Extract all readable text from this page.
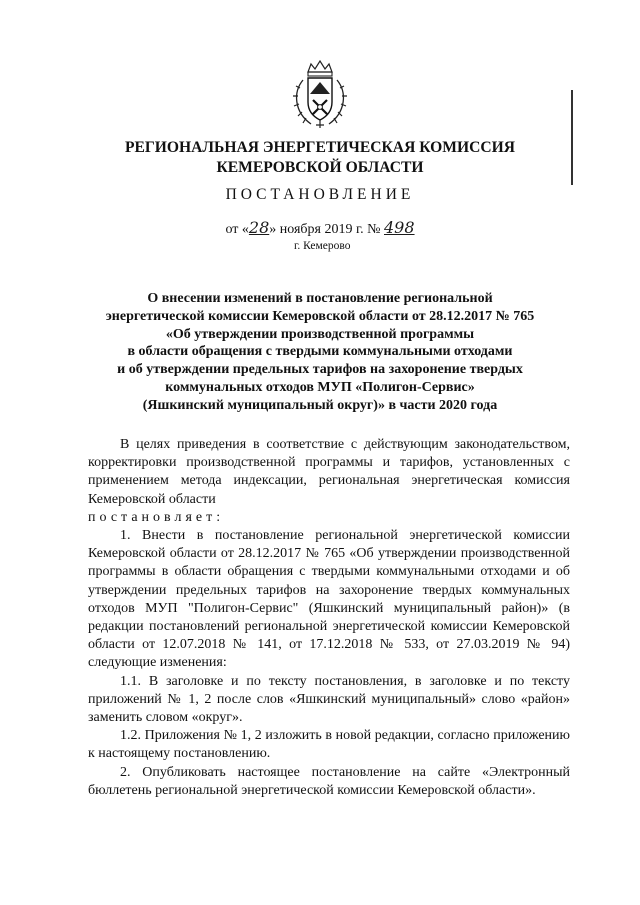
РЕГИОНАЛЬНАЯ ЭНЕРГЕТИЧЕСКАЯ КОМИССИЯ
КЕМЕРОВСКОЙ ОБЛАСТИ
ПОСТАНОВЛЕНИЕ
от «28» ноября 2019 г. № 498
г. Кемерово
О внесении изменений в постановление региональной
энергетической комиссии Кемеровской области от 28.12.2017 № 765
«Об утверждении производственной программы
в области обращения с твердыми коммунальными отходами
и об утверждении предельных тарифов на захоронение твердых
коммунальных отходов МУП «Полигон-Сервис»
(Яшкинский муниципальный округ)» в части 2020 года

В целях приведения в соответствие с действующим законодательством, корректировки производственной программы и тарифов, установленных с применением метода индексации, региональная энергетическая комиссия Кемеровской области

постановляет:

1. Внести в постановление региональной энергетической комиссии Кемеровской области от 28.12.2017 № 765 «Об утверждении производственной программы в области обращения с твердыми коммунальными отходами и об утверждении предельных тарифов на захоронение твердых коммунальных отходов МУП "Полигон-Сервис" (Яшкинский муниципальный район)» (в редакции постановлений региональной энергетической комиссии Кемеровской области от 12.07.2018 № 141, от 17.12.2018 № 533, от 27.03.2019 № 94) следующие изменения:

1.1. В заголовке и по тексту постановления, в заголовке и по тексту приложений № 1, 2 после слов «Яшкинский муниципальный» слово «район» заменить словом «округ».

1.2. Приложения № 1, 2 изложить в новой редакции, согласно приложению к настоящему постановлению.

2. Опубликовать настоящее постановление на сайте «Электронный бюллетень региональной энергетической комиссии Кемеровской области».
